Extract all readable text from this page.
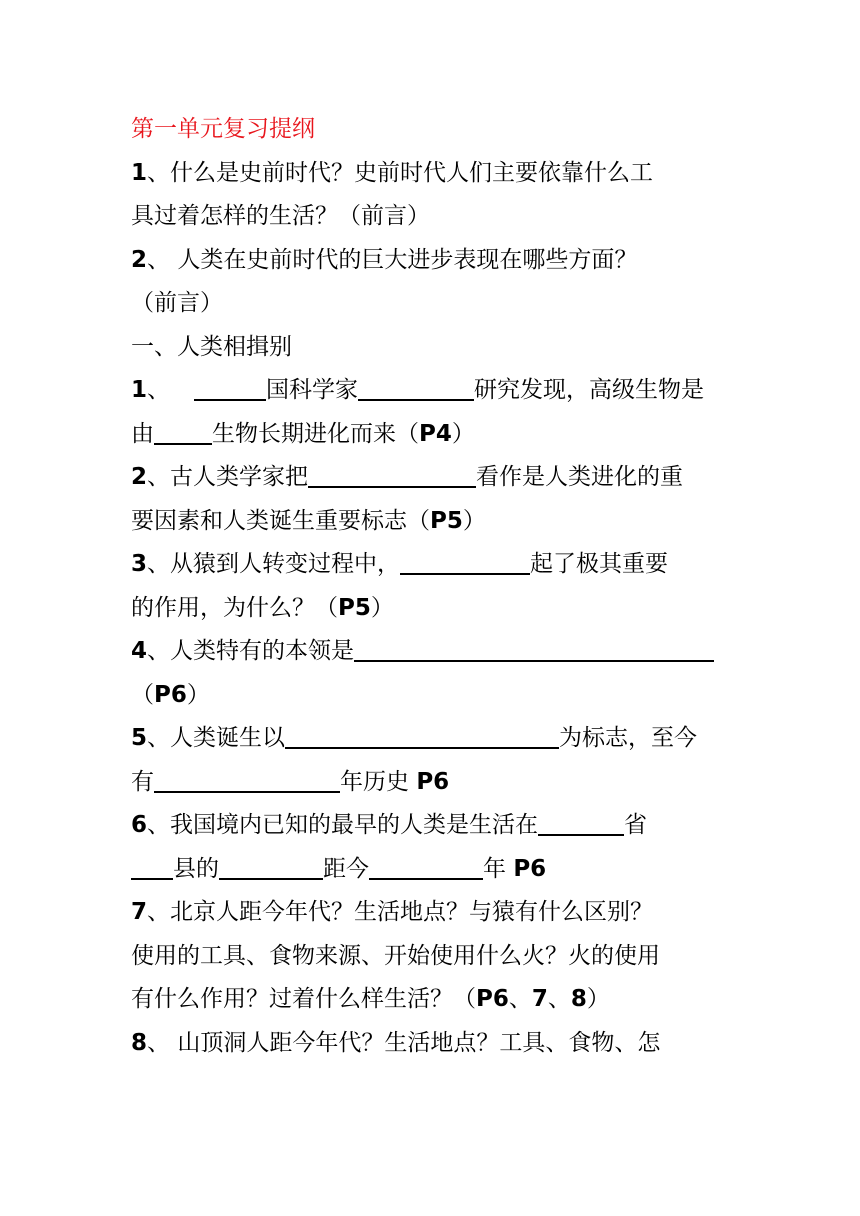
第一单元复习提纲
1、什么是史前时代？史前时代人们主要依靠什么工
具过着怎样的生活？（前言）
2、 人类在史前时代的巨大进步表现在哪些方面？
（前言）
一、人类相揖别
1、	国科学家	研究发现，高级生物是
由	生物长期进化而来（P4）
2、古人类学家把	看作是人类进化的重
要因素和人类诞生重要标志（P5）
3、从猿到人转变过程中，	起了极其重要
的作用，为什么？（P5）
4、人类特有的本领是
（P6）
5、人类诞生以	为标志，至今
有	年历史 P6
6、我国境内已知的最早的人类是生活在	省
县的	距今	年 P6
7、北京人距今年代？生活地点？与猿有什么区别？
使用的工具、食物来源、开始使用什么火？火的使用
有什么作用？过着什么样生活？（P6、7、8）
8、 山顶洞人距今年代？生活地点？工具、食物、怎
